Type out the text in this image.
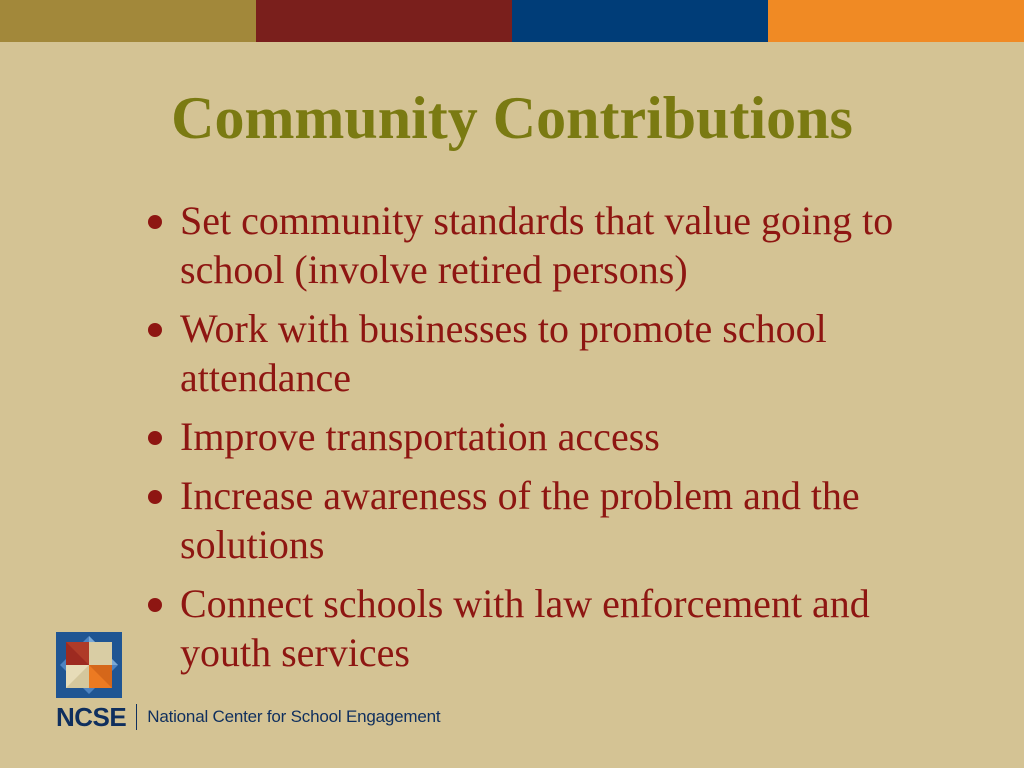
Community Contributions
Set community standards that value going to school (involve retired persons)
Work with businesses to promote school attendance
Improve transportation access
Increase awareness of the problem and the solutions
Connect schools with law enforcement and youth services
NCSE National Center for School Engagement
